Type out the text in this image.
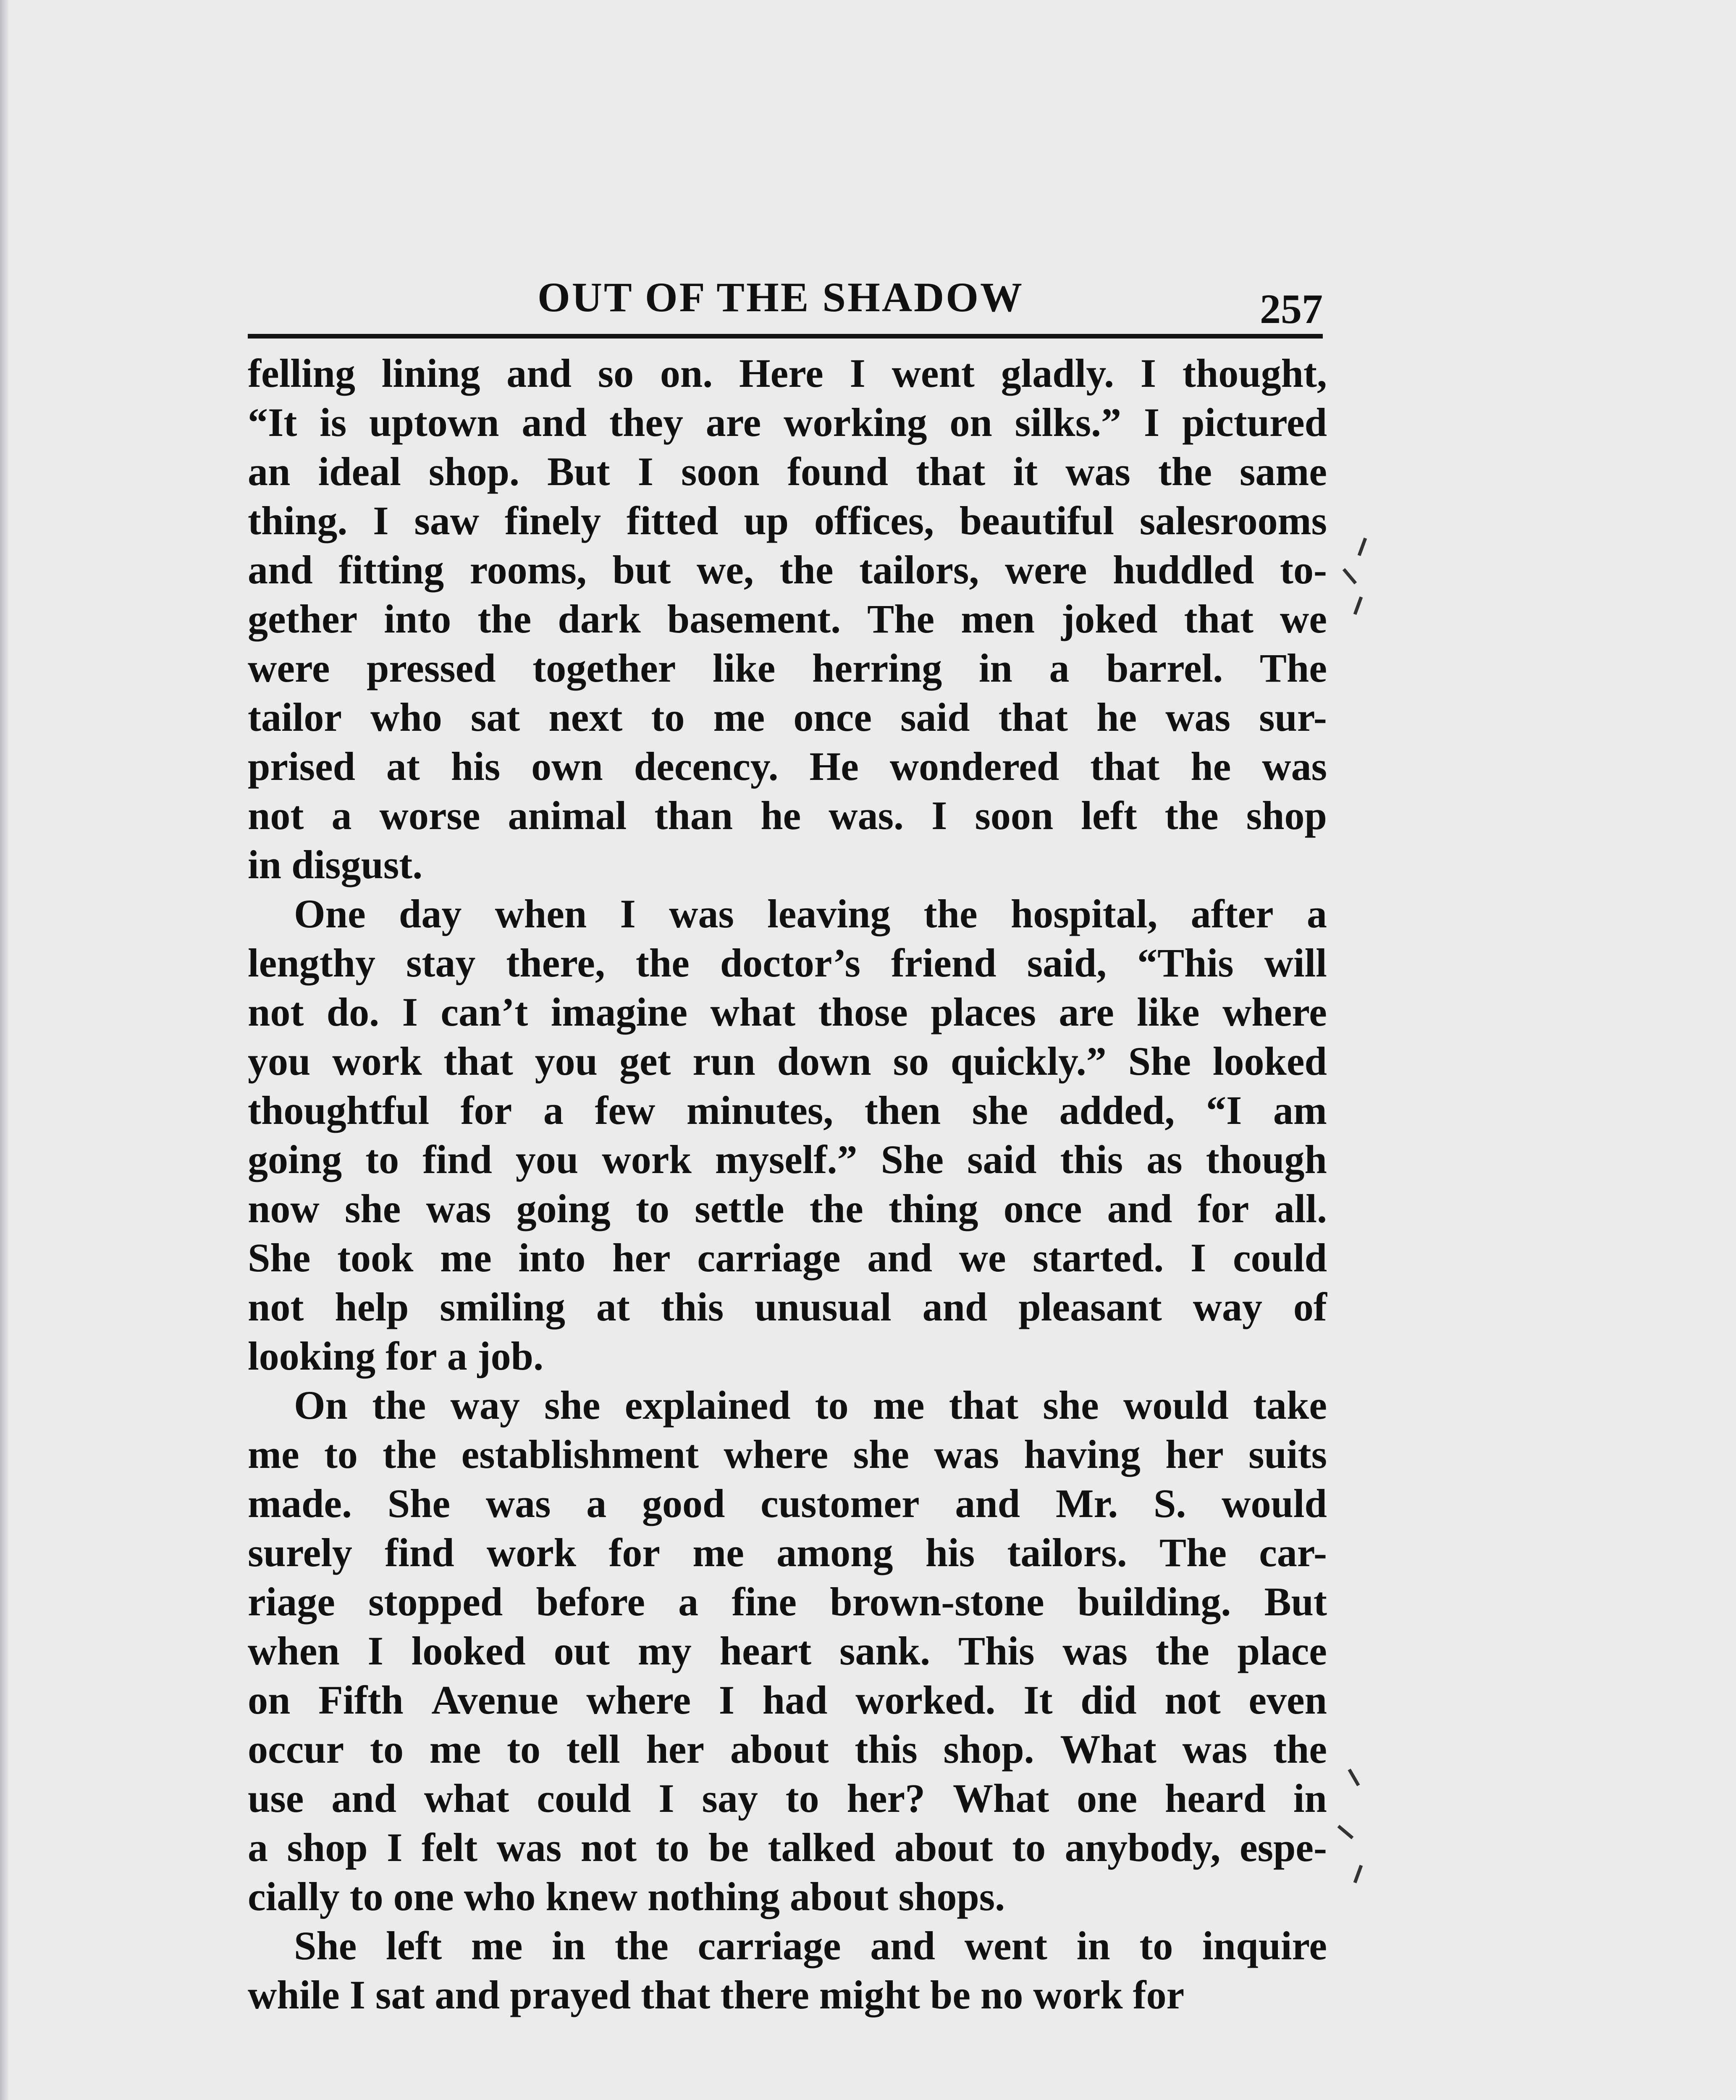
OUT OF THE SHADOW	257
felling lining and so on. Here I went gladly. I thought,
“It is uptown and they are working on silks.” I pictured
an ideal shop. But I soon found that it was the same
thing. I saw finely fitted up offices, beautiful salesrooms
and fitting rooms, but we, the tailors, were huddled to-
gether into the dark basement. The men joked that we
were pressed together like herring in a barrel. The
tailor who sat next to me once said that he was sur-
prised at his own decency. He wondered that he was
not a worse animal than he was. I soon left the shop
in disgust.
One day when I was leaving the hospital, after a
lengthy stay there, the doctor’s friend said, “This will
not do. I can’t imagine what those places are like where
you work that you get run down so quickly.” She looked
thoughtful for a few minutes, then she added, “I am
going to find you work myself.” She said this as though
now she was going to settle the thing once and for all.
She took me into her carriage and we started. I could
not help smiling at this unusual and pleasant way of
looking for a job.
On the way she explained to me that she would take
me to the establishment where she was having her suits
made. She was a good customer and Mr. S. would
surely find work for me among his tailors. The car-
riage stopped before a fine brown-stone building. But
when I looked out my heart sank. This was the place
on Fifth Avenue where I had worked. It did not even
occur to me to tell her about this shop. What was the
use and what could I say to her? What one heard in
a shop I felt was not to be talked about to anybody, espe-
cially to one who knew nothing about shops.
She left me in the carriage and went in to inquire
while I sat and prayed that there might be no work for
